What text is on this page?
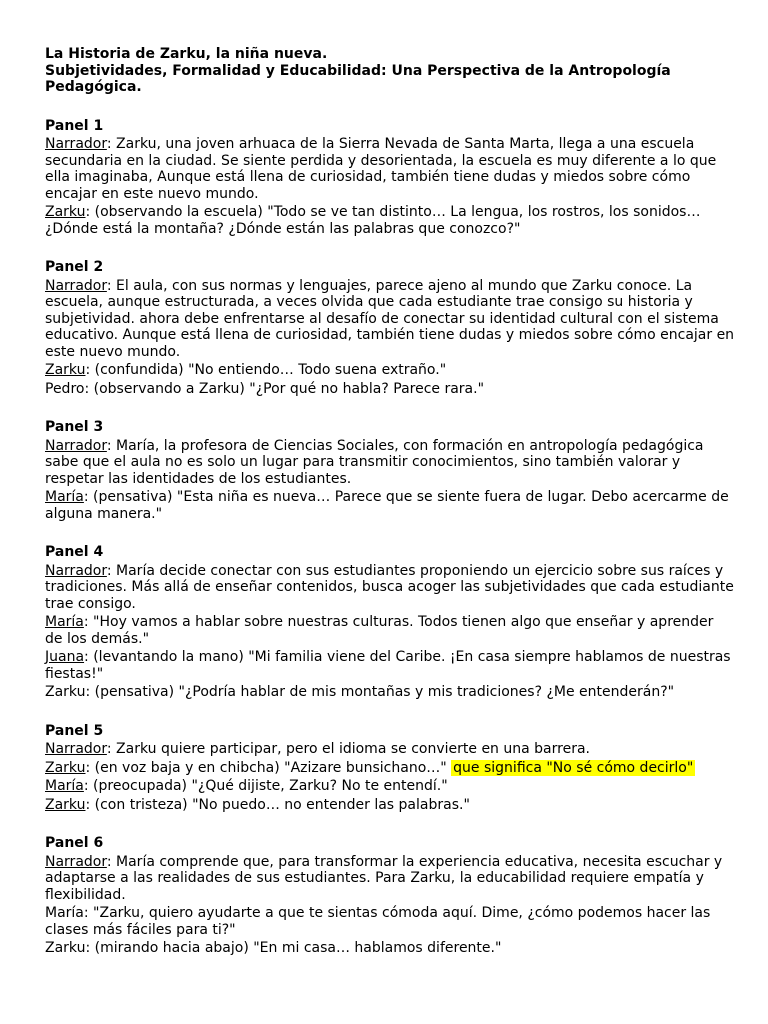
La Historia de Zarku, la niña nueva.

Subjetividades, Formalidad y Educabilidad: Una Perspectiva de la Antropología Pedagógica.

Panel 1

Narrador: Zarku, una joven arhuaca de la Sierra Nevada de Santa Marta, llega a una escuela secundaria en la ciudad. Se siente perdida y desorientada, la escuela es muy diferente a lo que ella imaginaba, Aunque está llena de curiosidad, también tiene dudas y miedos sobre cómo encajar en este nuevo mundo.

Zarku: (observando la escuela) "Todo se ve tan distinto… La lengua, los rostros, los sonidos… ¿Dónde está la montaña? ¿Dónde están las palabras que conozco?"

Panel 2

Narrador: El aula, con sus normas y lenguajes, parece ajeno al mundo que Zarku conoce. La escuela, aunque estructurada, a veces olvida que cada estudiante trae consigo su historia y subjetividad. ahora debe enfrentarse al desafío de conectar su identidad cultural con el sistema educativo. Aunque está llena de curiosidad, también tiene dudas y miedos sobre cómo encajar en este nuevo mundo.

Zarku: (confundida) "No entiendo… Todo suena extraño."

Pedro: (observando a Zarku) "¿Por qué no habla? Parece rara."

Panel 3

Narrador: María, la profesora de Ciencias Sociales, con formación en antropología pedagógica sabe que el aula no es solo un lugar para transmitir conocimientos, sino también valorar y respetar las identidades de los estudiantes.

María: (pensativa) "Esta niña es nueva… Parece que se siente fuera de lugar. Debo acercarme de alguna manera."

Panel 4

Narrador: María decide conectar con sus estudiantes proponiendo un ejercicio sobre sus raíces y tradiciones. Más allá de enseñar contenidos, busca acoger las subjetividades que cada estudiante trae consigo.

María: "Hoy vamos a hablar sobre nuestras culturas. Todos tienen algo que enseñar y aprender de los demás."

Juana: (levantando la mano) "Mi familia viene del Caribe. ¡En casa siempre hablamos de nuestras fiestas!"

Zarku: (pensativa) "¿Podría hablar de mis montañas y mis tradiciones? ¿Me entenderán?"

Panel 5

Narrador: Zarku quiere participar, pero el idioma se convierte en una barrera.

Zarku: (en voz baja y en chibcha) "Azizare bunsichano…" que significa "No sé cómo decirlo"

María: (preocupada) "¿Qué dijiste, Zarku? No te entendí."

Zarku: (con tristeza) "No puedo… no entender las palabras."

Panel 6

Narrador: María comprende que, para transformar la experiencia educativa, necesita escuchar y adaptarse a las realidades de sus estudiantes. Para Zarku, la educabilidad requiere empatía y flexibilidad.

María: "Zarku, quiero ayudarte a que te sientas cómoda aquí. Dime, ¿cómo podemos hacer las clases más fáciles para ti?"

Zarku: (mirando hacia abajo) "En mi casa… hablamos diferente."
